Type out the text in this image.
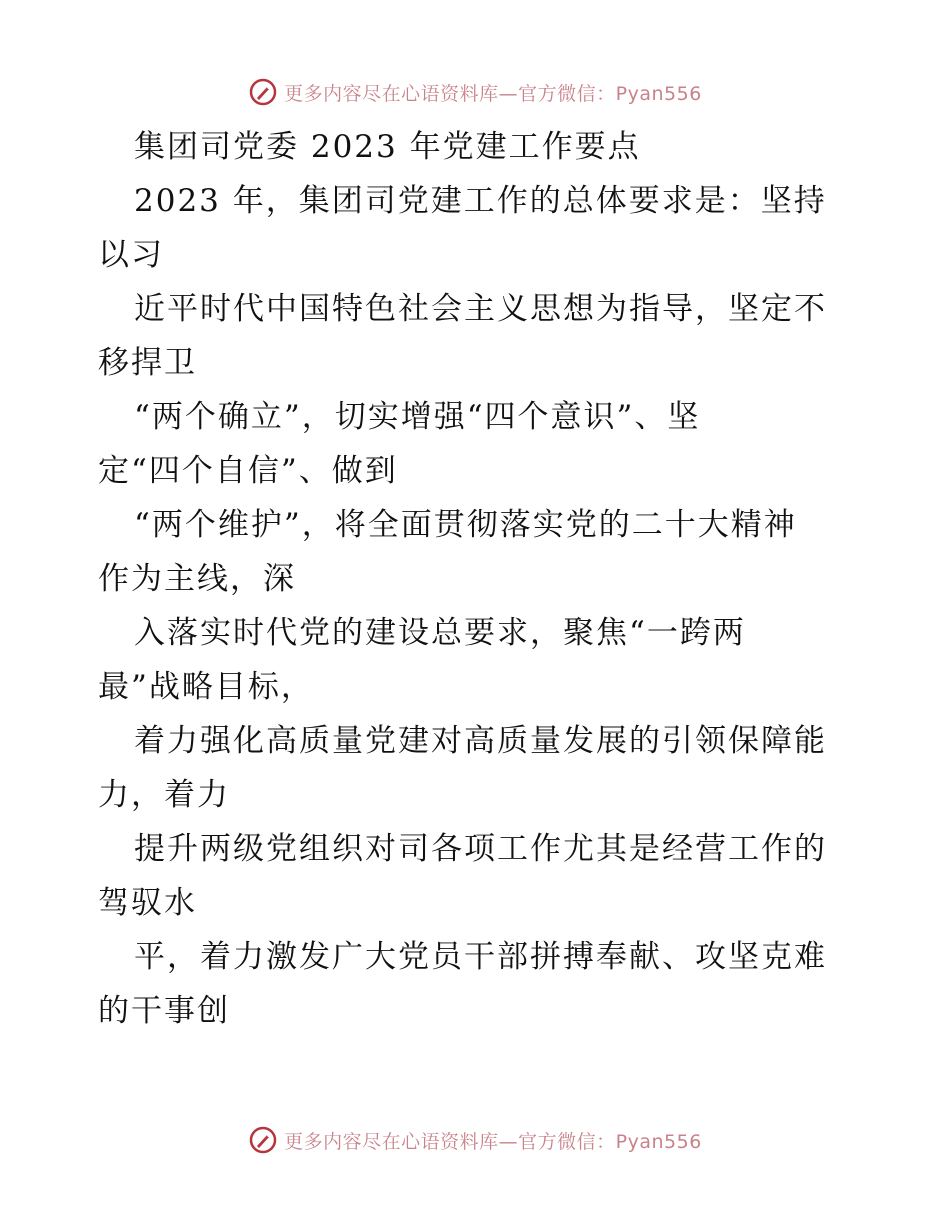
更多内容尽在心语资料库—官方微信：Pyan556
集团司党委 2023 年党建工作要点
2023 年，集团司党建工作的总体要求是：坚持
以习
近平时代中国特色社会主义思想为指导，坚定不
移捍卫
“两个确立”，切实增强“四个意识”、坚
定“四个自信”、做到
“两个维护”，将全面贯彻落实党的二十大精神
作为主线，深
入落实时代党的建设总要求，聚焦“一跨两
最”战略目标，
着力强化高质量党建对高质量发展的引领保障能
力，着力
提升两级党组织对司各项工作尤其是经营工作的
驾驭水
平，着力激发广大党员干部拼搏奉献、攻坚克难
的干事创
更多内容尽在心语资料库—官方微信：Pyan556
